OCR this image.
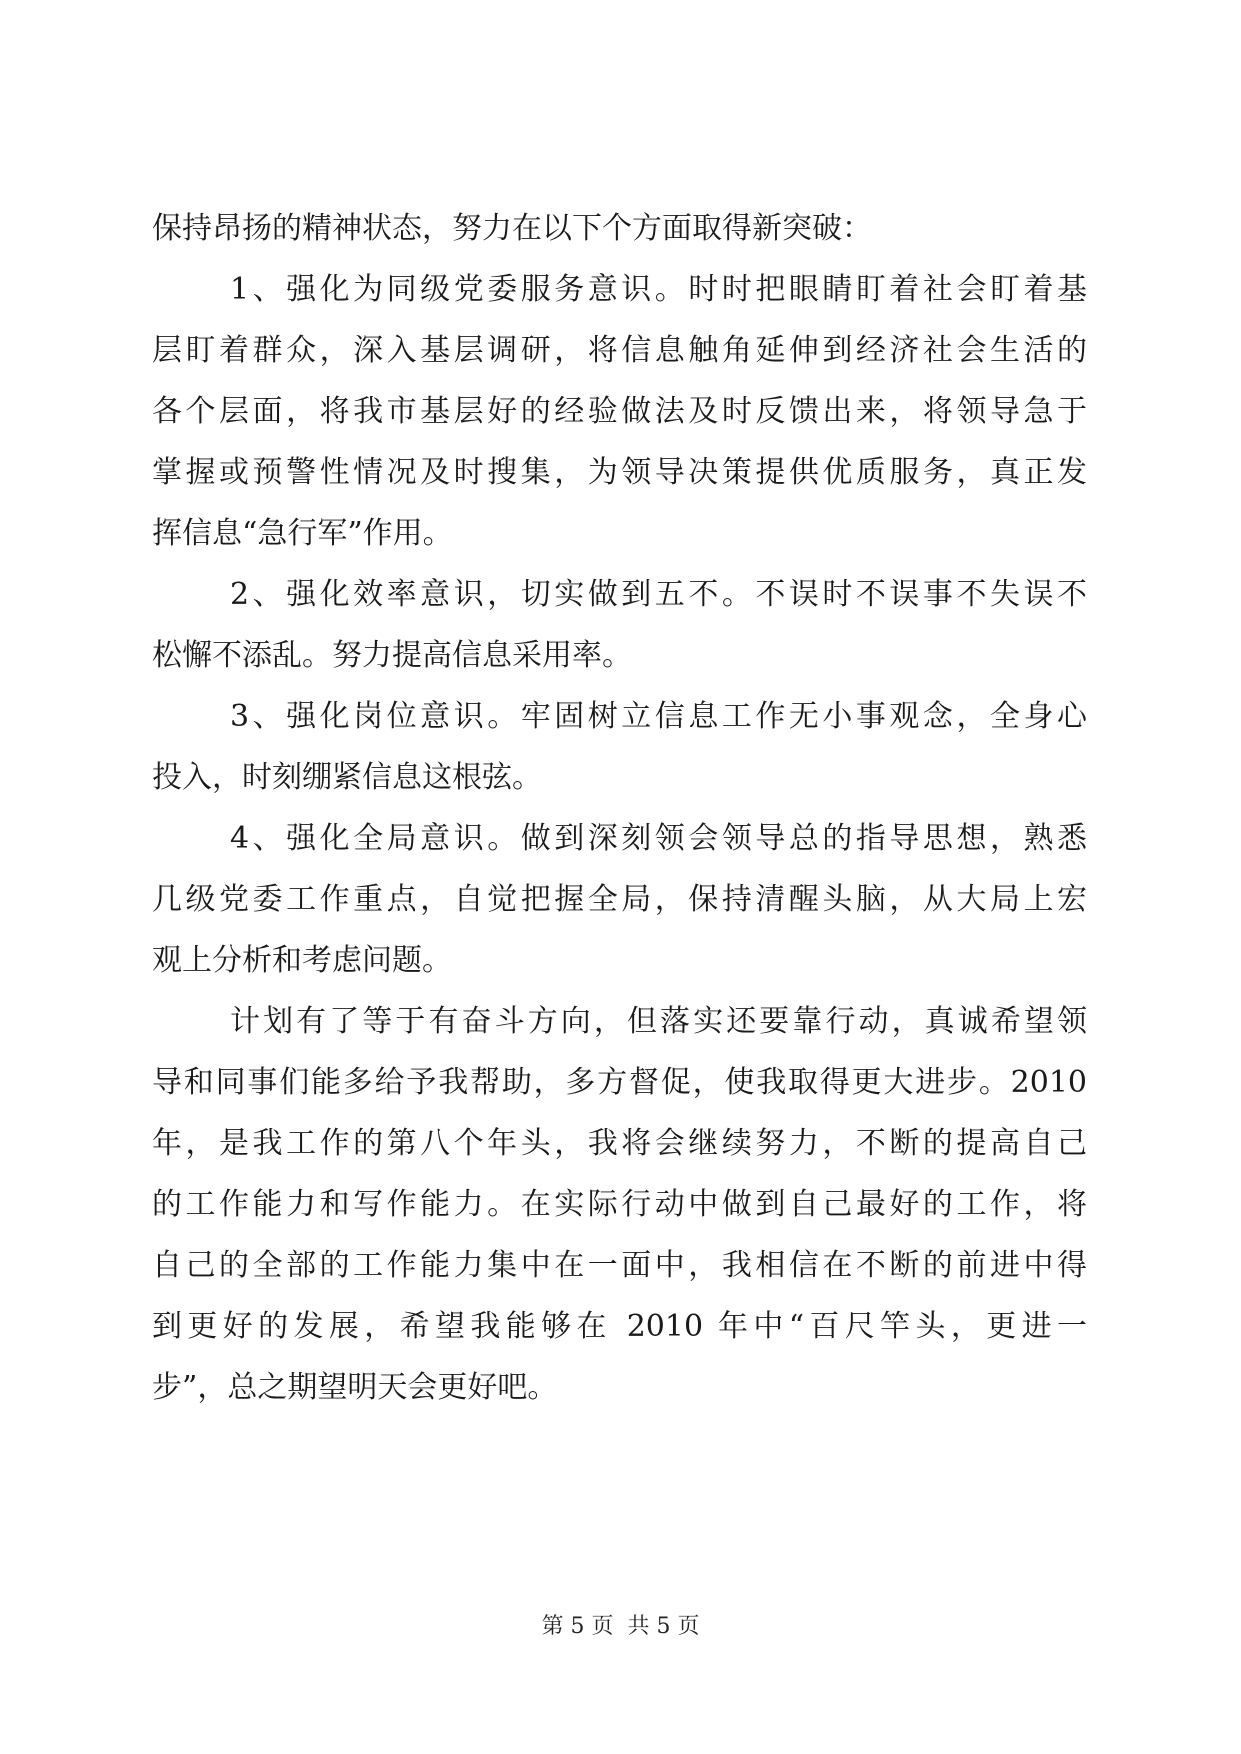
保持昂扬的精神状态，努力在以下个方面取得新突破：
1、强化为同级党委服务意识。时时把眼睛盯着社会盯着基
层盯着群众，深入基层调研，将信息触角延伸到经济社会生活的
各个层面，将我市基层好的经验做法及时反馈出来，将领导急于
掌握或预警性情况及时搜集，为领导决策提供优质服务，真正发
挥信息“急行军”作用。
2、强化效率意识，切实做到五不。不误时不误事不失误不
松懈不添乱。努力提高信息采用率。
3、强化岗位意识。牢固树立信息工作无小事观念，全身心
投入，时刻绷紧信息这根弦。
4、强化全局意识。做到深刻领会领导总的指导思想，熟悉
几级党委工作重点，自觉把握全局，保持清醒头脑，从大局上宏
观上分析和考虑问题。
计划有了等于有奋斗方向，但落实还要靠行动，真诚希望领
导和同事们能多给予我帮助，多方督促，使我取得更大进步。2010
年，是我工作的第八个年头，我将会继续努力，不断的提高自己
的工作能力和写作能力。在实际行动中做到自己最好的工作，将
自己的全部的工作能力集中在一面中，我相信在不断的前进中得
到更好的发展，希望我能够在 2010 年中“百尺竿头，更进一
步”，总之期望明天会更好吧。
第 5 页 共 5 页
